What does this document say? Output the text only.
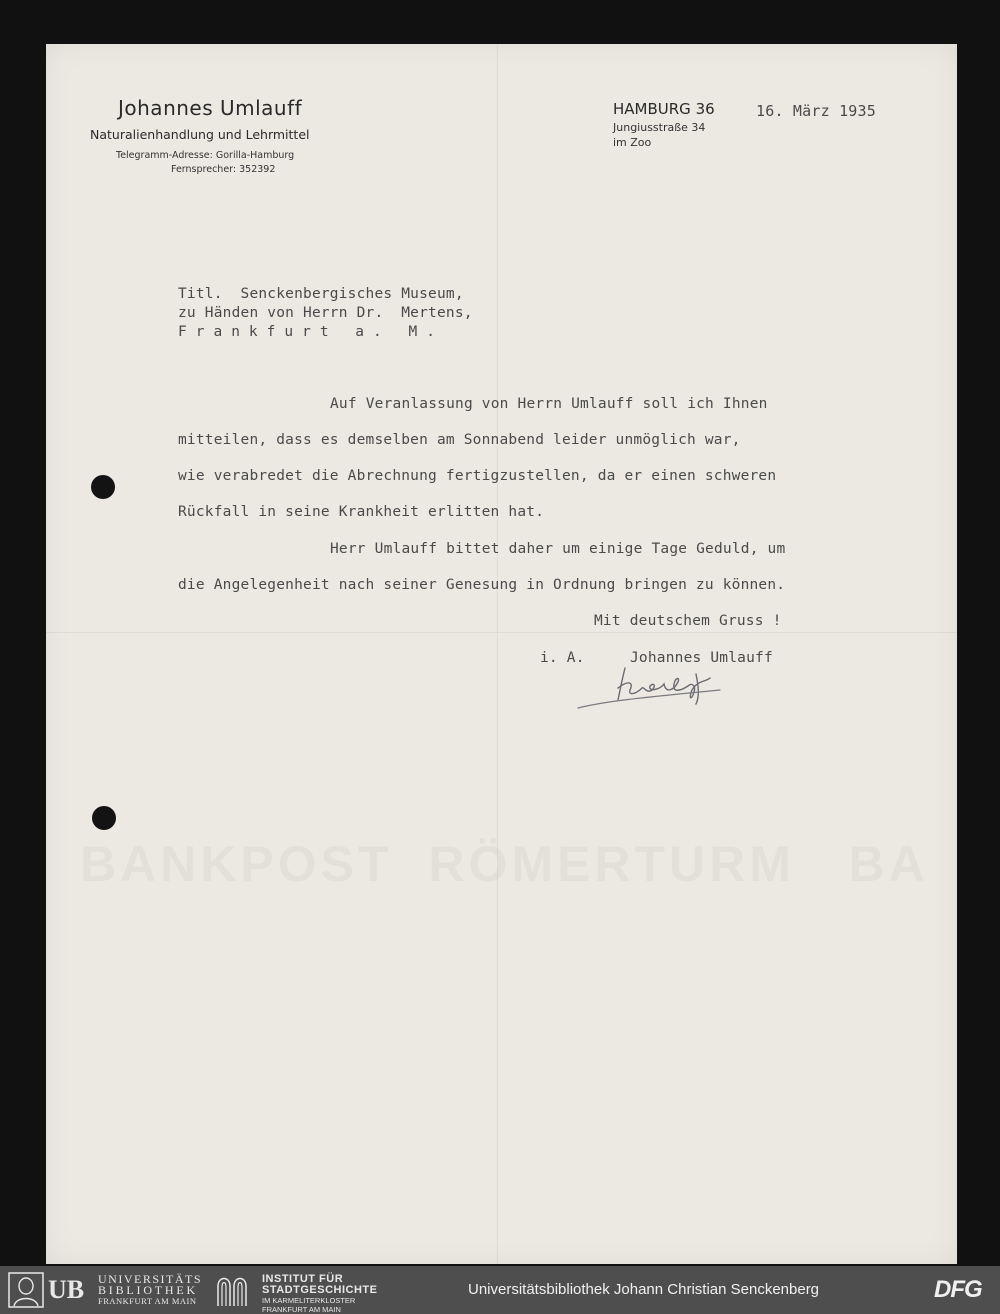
Johannes Umlauff
Naturalienhandlung und Lehrmittel
Telegramm-Adresse: Gorilla-Hamburg
Fernsprecher: 352392
HAMBURG 36
Jungiusstraße 34
im Zoo
16. März 1935
Titl.  Senckenbergisches Museum,
zu Händen von Herrn Dr.  Mertens,
Frankfurt a. M.
Auf Veranlassung von Herrn Umlauff soll ich Ihnen
mitteilen, dass es demselben am Sonnabend leider unmöglich war,
wie verabredet die Abrechnung fertigzustellen, da er einen schweren
Rückfall in seine Krankheit erlitten hat.
Herr Umlauff bittet daher um einige Tage Geduld, um
die Angelegenheit nach seiner Genesung in Ordnung bringen zu können.
Mit deutschem Gruss !
i. A.	Johannes Umlauff
UB UNIVERSITÄTS
BIBLIOTHEK
FRANKFURT AM MAIN
INSTITUT FÜR
STADTGESCHICHTE
IM KARMELITERKLOSTER
FRANKFURT AM MAIN
Universitätsbibliothek Johann Christian Senckenberg	DFG
